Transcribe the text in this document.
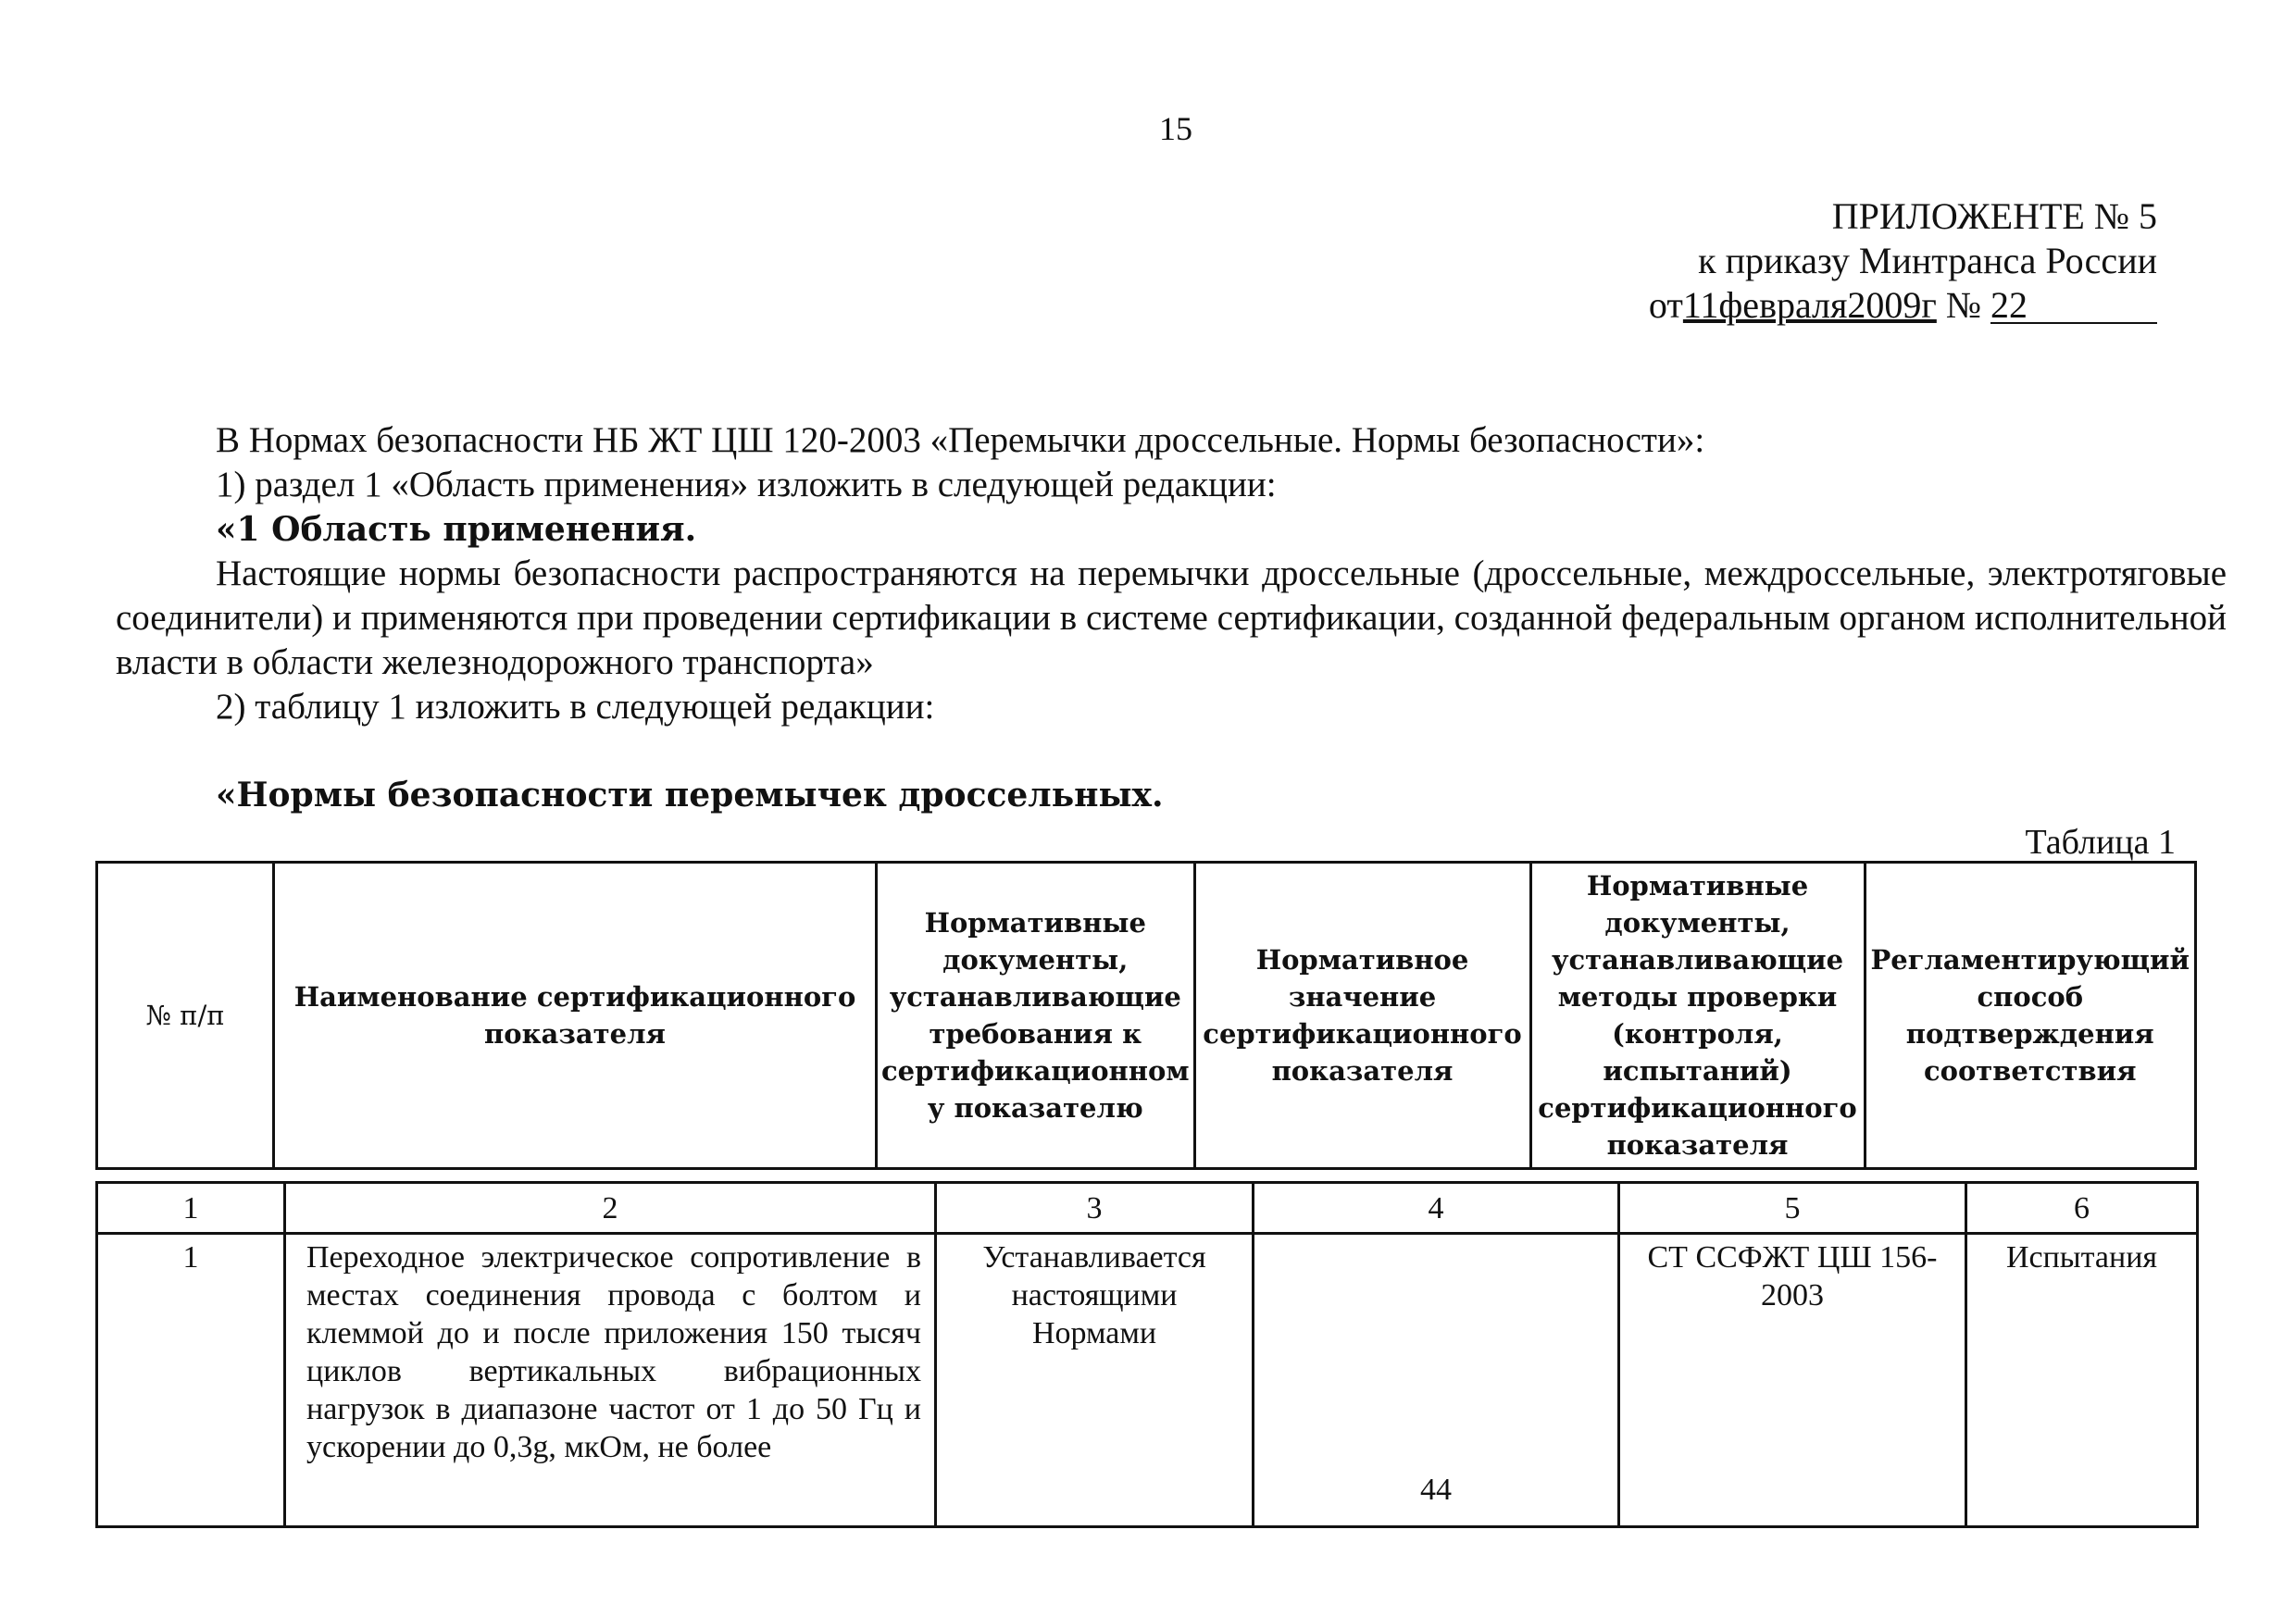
15
ПРИЛОЖЕНТЕ № 5
к приказу Минтранса России
от11февраля2009г № 22

В Нормах безопасности НБ ЖТ ЦШ 120-2003 «Перемычки дроссельные. Нормы безопасности»:

1) раздел 1 «Область применения» изложить в следующей редакции:

«1 Область применения.

Настоящие нормы безопасности распространяются на перемычки дроссельные (дроссельные, междроссельные, электротяговые соединители) и применяются при проведении сертификации в системе сертификации, созданной федеральным органом исполнительной власти в области железнодорожного транспорта»

2) таблицу 1 изложить в следующей редакции:

«Нормы безопасности перемычек дроссельных.
Таблица 1
№ п/п	Наименование сертификационного показателя	Нормативные документы, устанавливающие требования к сертификационном у показателю	Нормативное значение сертификационного показателя	Нормативные документы, устанавливающие методы проверки (контроля, испытаний) сертификационного показателя	Регламентирующий способ подтверждения соответствия
1	2	3	4	5	6
1	Переходное электрическое сопротивление в местах соединения провода с болтом и клеммой до и после приложения 150 тысяч циклов вертикальных вибрационных нагрузок в диапазоне частот от 1 до 50 Гц и ускорении до 0,3g, мкОм, не более	Устанавливается настоящими Нормами	44	СТ ССФЖТ ЦШ 156-2003	Испытания
